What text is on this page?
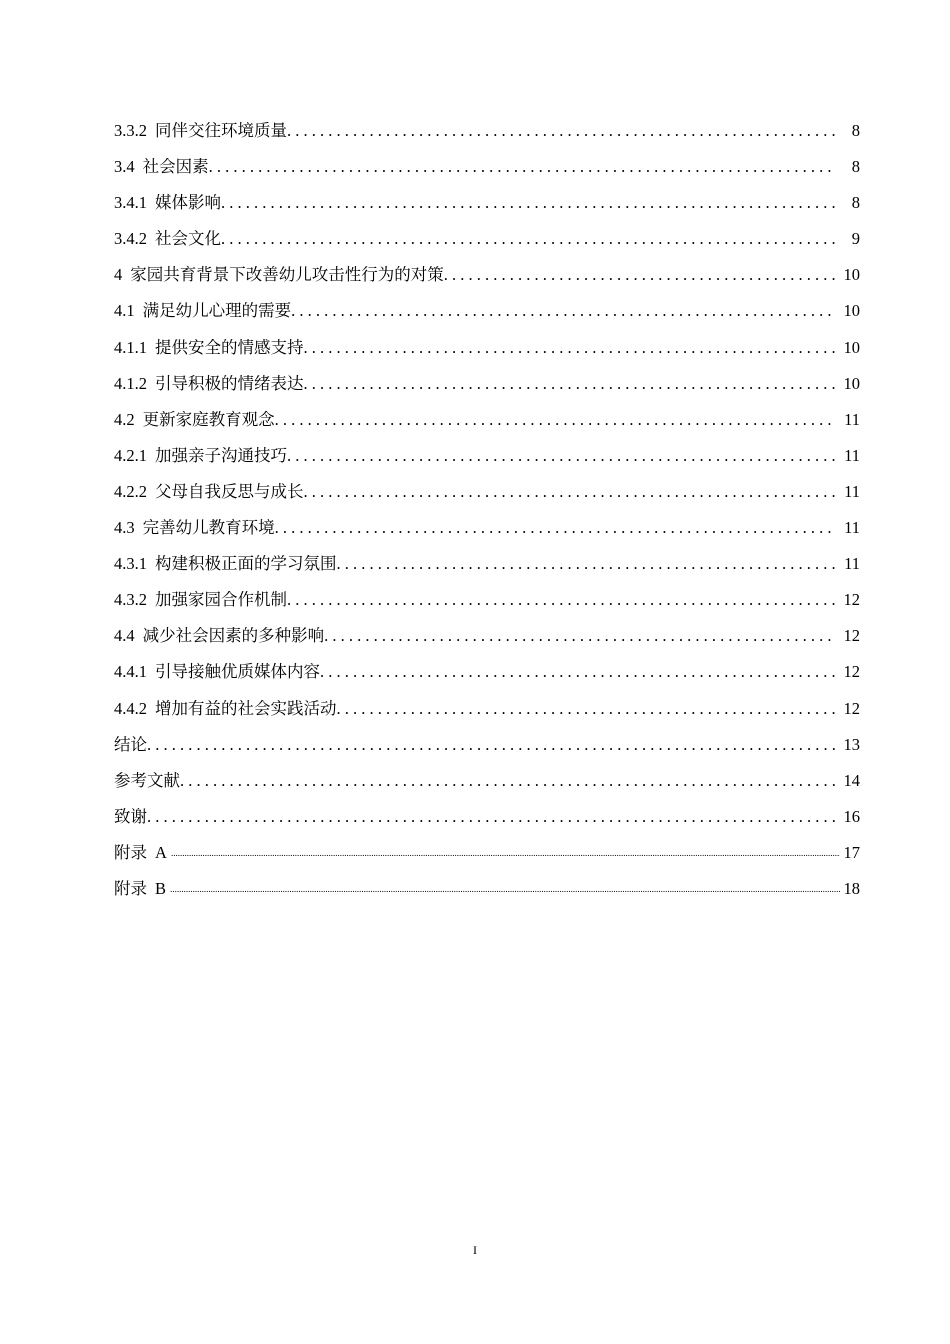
3.3.2 同伴交往环境质量 . . .	8
3.4 社会因素 . . .	8
3.4.1 媒体影响 . . .	8
3.4.2 社会文化 . . .	9
4 家园共育背景下改善幼儿攻击性行为的对策 . . .	10
4.1 满足幼儿心理的需要 . . .	10
4.1.1 提供安全的情感支持 . . .	10
4.1.2 引导积极的情绪表达 . . .	10
4.2 更新家庭教育观念 . . .	11
4.2.1 加强亲子沟通技巧 . . .	11
4.2.2 父母自我反思与成长 . . .	11
4.3 完善幼儿教育环境 . . .	11
4.3.1 构建积极正面的学习氛围 . . .	11
4.3.2 加强家园合作机制 . . .	12
4.4 减少社会因素的多种影响 . . .	12
4.4.1 引导接触优质媒体内容 . . .	12
4.4.2 增加有益的社会实践活动 . . .	12
结论 . . .	13
参考文献 . . .	14
致谢 . . .	16
附录 A .....	17
附录 B .....	18
I
